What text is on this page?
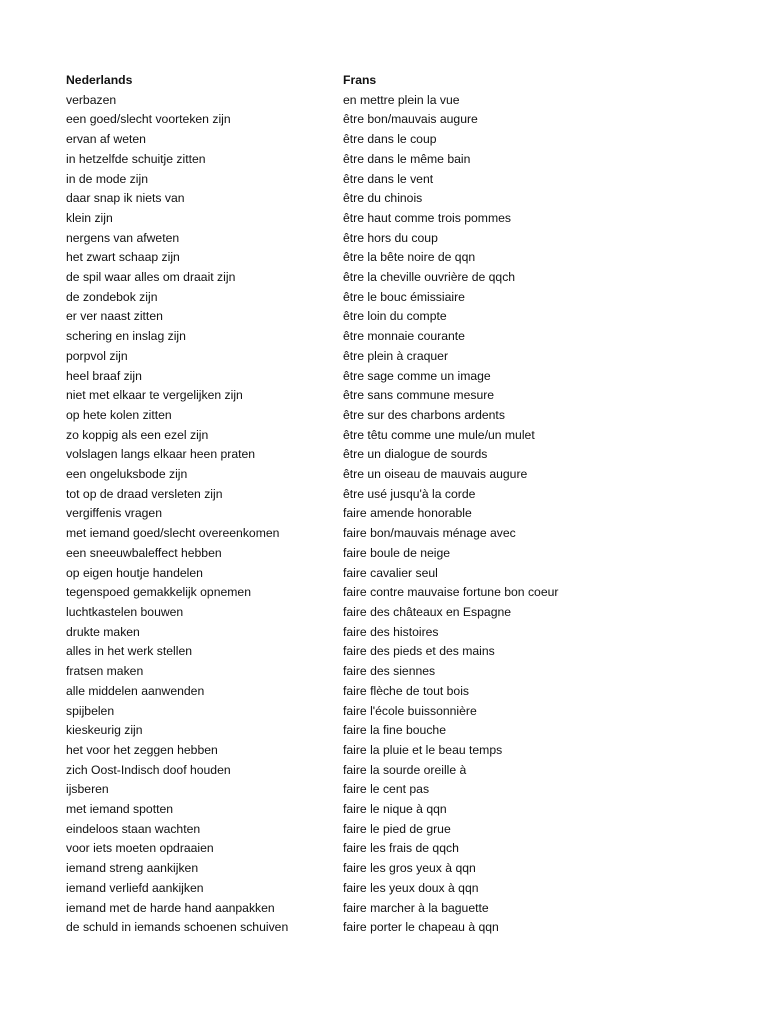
Nederlands	Frans
verbazen	en mettre plein la vue
een goed/slecht voorteken zijn	être bon/mauvais augure
ervan af weten	être dans le coup
in hetzelfde schuitje zitten	être dans le même bain
in de mode zijn	être dans le vent
daar snap ik niets van	être du chinois
klein zijn	être haut comme trois pommes
nergens van afweten	être hors du coup
het zwart schaap zijn	être la bête noire de qqn
de spil waar alles om draait zijn	être la cheville ouvrière de qqch
de zondebok zijn	être le bouc émissiaire
er ver naast zitten	être loin du compte
schering en inslag zijn	être monnaie courante
porpvol zijn	être plein à craquer
heel braaf zijn	être sage comme un image
niet met elkaar te vergelijken zijn	être sans commune mesure
op hete kolen zitten	être sur des charbons ardents
zo koppig als een ezel zijn	être têtu comme une mule/un mulet
volslagen langs elkaar heen praten	être un dialogue de sourds
een ongeluksbode zijn	être un oiseau de mauvais augure
tot op de draad versleten zijn	être usé jusqu'à la corde
vergiffenis vragen	faire amende honorable
met iemand goed/slecht overeenkomen	faire bon/mauvais ménage avec
een sneeuwbaleffect hebben	faire boule de neige
op eigen houtje handelen	faire cavalier seul
tegenspoed gemakkelijk opnemen	faire contre mauvaise fortune bon coeur
luchtkastelen bouwen	faire des châteaux en Espagne
drukte maken	faire des histoires
alles in het werk stellen	faire des pieds et des mains
fratsen maken	faire des siennes
alle middelen aanwenden	faire flèche de tout bois
spijbelen	faire l'école buissonnière
kieskeurig zijn	faire la fine bouche
het voor het zeggen hebben	faire la pluie et le beau temps
zich Oost-Indisch doof houden	faire la sourde oreille à
ijsberen	faire le cent pas
met iemand spotten	faire le nique à qqn
eindeloos staan wachten	faire le pied de grue
voor iets moeten opdraaien	faire les frais de qqch
iemand streng aankijken	faire les gros yeux à qqn
iemand verliefd aankijken	faire les yeux doux à qqn
iemand met de harde hand aanpakken	faire marcher à la baguette
de schuld in iemands schoenen schuiven	faire porter le chapeau à qqn
